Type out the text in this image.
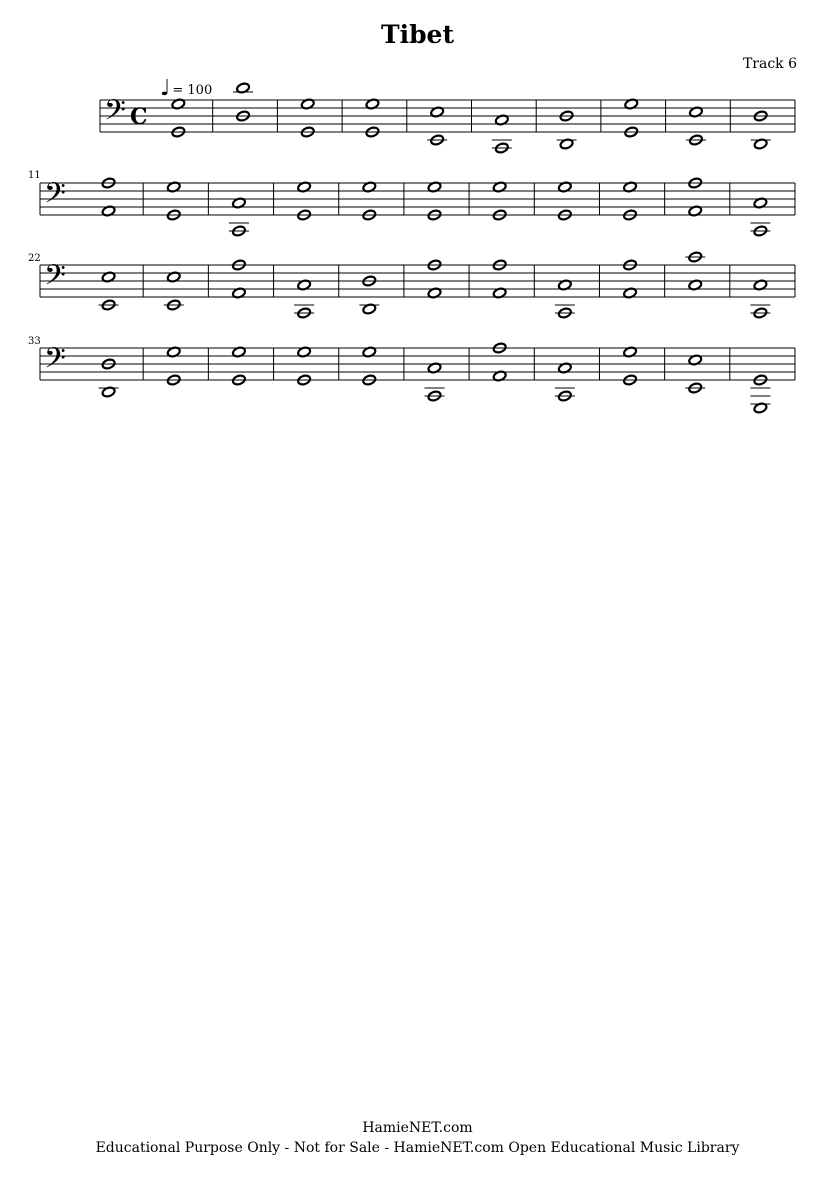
Tibet
Track 6
♩ = 100
11
22
33
𝄢 C
𝄢
𝄢
𝄢
HamieNET.com
Educational Purpose Only - Not for Sale - HamieNET.com Open Educational Music Library
